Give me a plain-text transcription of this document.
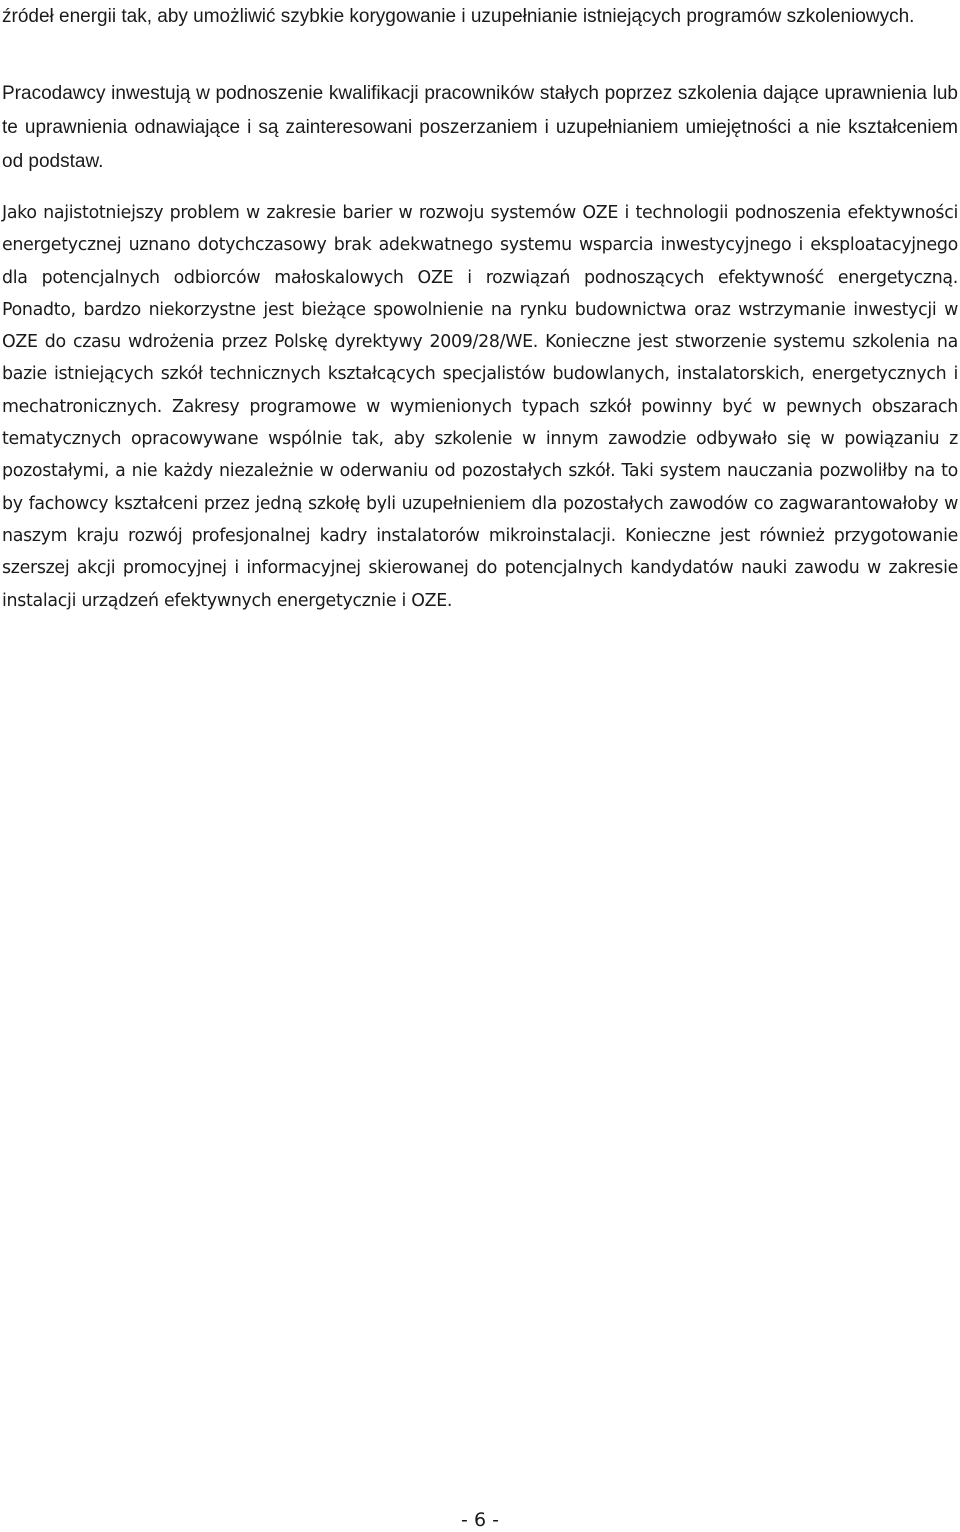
źródeł energii tak, aby umożliwić szybkie korygowanie i uzupełnianie istniejących programów szkoleniowych.

Pracodawcy inwestują w podnoszenie kwalifikacji pracowników stałych poprzez szkolenia dające uprawnienia lub te uprawnienia odnawiające i są zainteresowani poszerzaniem i uzupełnianiem umiejętności a nie kształceniem od podstaw.

Jako najistotniejszy problem w zakresie barier w rozwoju systemów OZE i technologii podnoszenia efektywności energetycznej uznano dotychczasowy brak adekwatnego systemu wsparcia inwestycyjnego i eksploatacyjnego dla potencjalnych odbiorców małoskalowych OZE i rozwiązań podnoszących efektywność energetyczną. Ponadto, bardzo niekorzystne jest bieżące spowolnienie na rynku budownictwa oraz wstrzymanie inwestycji w OZE do czasu wdrożenia przez Polskę dyrektywy 2009/28/WE. Konieczne jest stworzenie systemu szkolenia na bazie istniejących szkół technicznych kształcących specjalistów budowlanych, instalatorskich, energetycznych i mechatronicznych. Zakresy programowe w wymienionych typach szkół powinny być w pewnych obszarach tematycznych opracowywane wspólnie tak, aby szkolenie w innym zawodzie odbywało się w powiązaniu z pozostałymi, a nie każdy niezależnie w oderwaniu od pozostałych szkół. Taki system nauczania pozwoliłby na to by fachowcy kształceni przez jedną szkołę byli uzupełnieniem dla pozostałych zawodów co zagwarantowałoby w naszym kraju rozwój profesjonalnej kadry instalatorów mikroinstalacji. Konieczne jest również przygotowanie szerszej akcji promocyjnej i informacyjnej skierowanej do potencjalnych kandydatów nauki zawodu w zakresie instalacji urządzeń efektywnych energetycznie i OZE.

- 6 -
